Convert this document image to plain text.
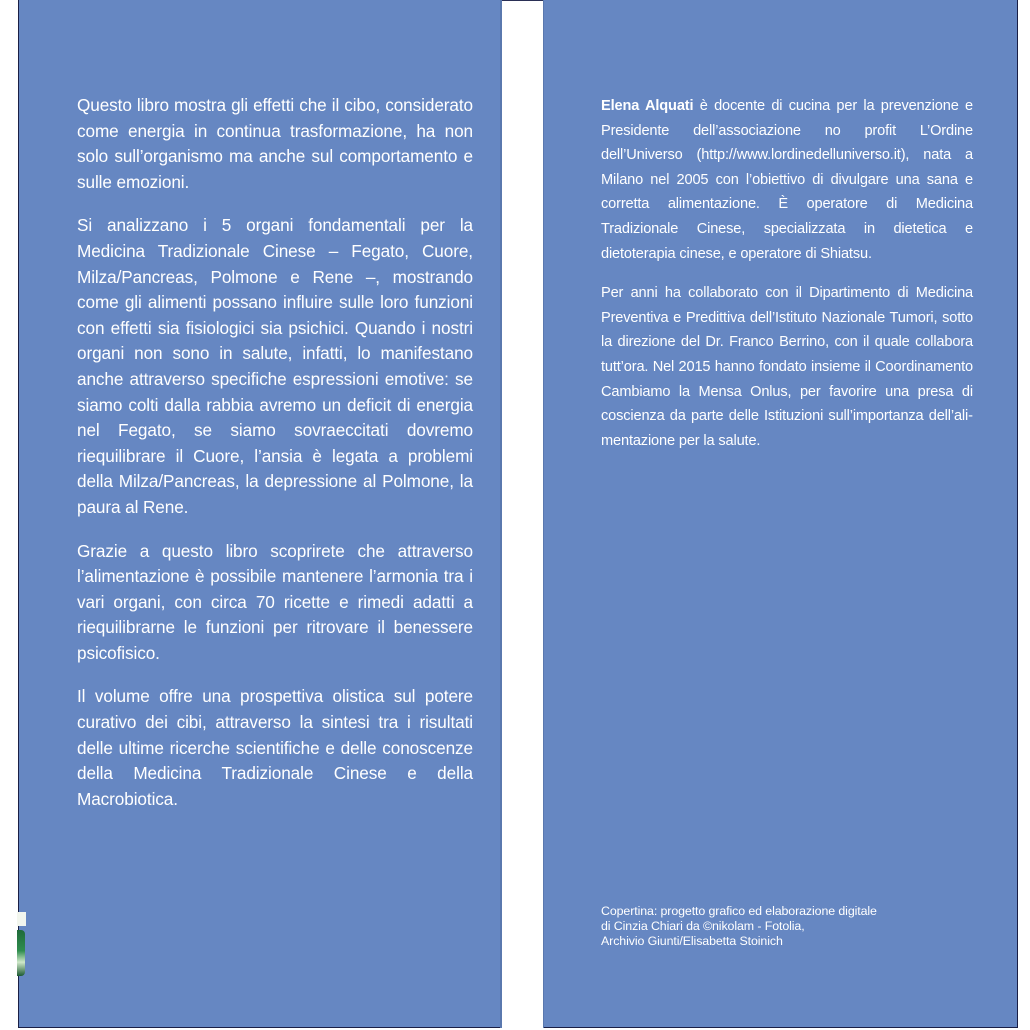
Questo libro mostra gli effetti che il cibo, considerato come energia in continua trasformazione, ha non solo sull’organismo ma anche sul comportamento e sulle emozioni.

Si analizzano i 5 organi fondamentali per la Medicina Tradizionale Cinese – Fegato, Cuore, Milza/Pancreas, Polmone e Rene –, mostrando come gli alimenti possano influire sulle loro funzioni con effetti sia fisiologici sia psichici. Quando i nostri organi non sono in salute, infatti, lo manifestano anche attraverso specifiche espressioni emotive: se siamo colti dalla rabbia avremo un deficit di energia nel Fegato, se siamo sovraeccitati dovremo riequilibrare il Cuore, l’ansia è legata a problemi della Milza/Pancreas, la depressione al Polmone, la paura al Rene.

Grazie a questo libro scoprirete che attraverso l’alimentazione è possibile mantenere l’armonia tra i vari organi, con circa 70 ricette e rimedi adatti a riequilibrarne le funzioni per ritrovare il benessere psicofisico.

Il volume offre una prospettiva olistica sul potere curativo dei cibi, attraverso la sintesi tra i risultati delle ultime ricerche scientifiche e delle conoscenze della Medicina Tradizionale Cinese e della Macrobiotica.

Elena Alquati è docente di cucina per la prevenzione e Presidente dell’associazione no profit L’Ordine dell’Universo (http://www.lordinedelluniverso.it), nata a Milano nel 2005 con l’obiettivo di divulgare una sana e corretta alimentazione. È operatore di Medicina Tradizionale Cinese, specializzata in dietetica e dietoterapia cinese, e operatore di Shiatsu.

Per anni ha collaborato con il Dipartimento di Medicina Preventiva e Predittiva dell’Istituto Nazionale Tumori, sotto la direzione del Dr. Franco Berrino, con il quale collabora tutt’ora. Nel 2015 hanno fondato insieme il Coordinamento Cambiamo la Mensa Onlus, per favorire una presa di coscienza da parte delle Istituzioni sull’importanza dell’alimentazione per la salute.

Copertina: progetto grafico ed elaborazione digitale
di Cinzia Chiari da ©nikolam - Fotolia,
Archivio Giunti/Elisabetta Stoinich
